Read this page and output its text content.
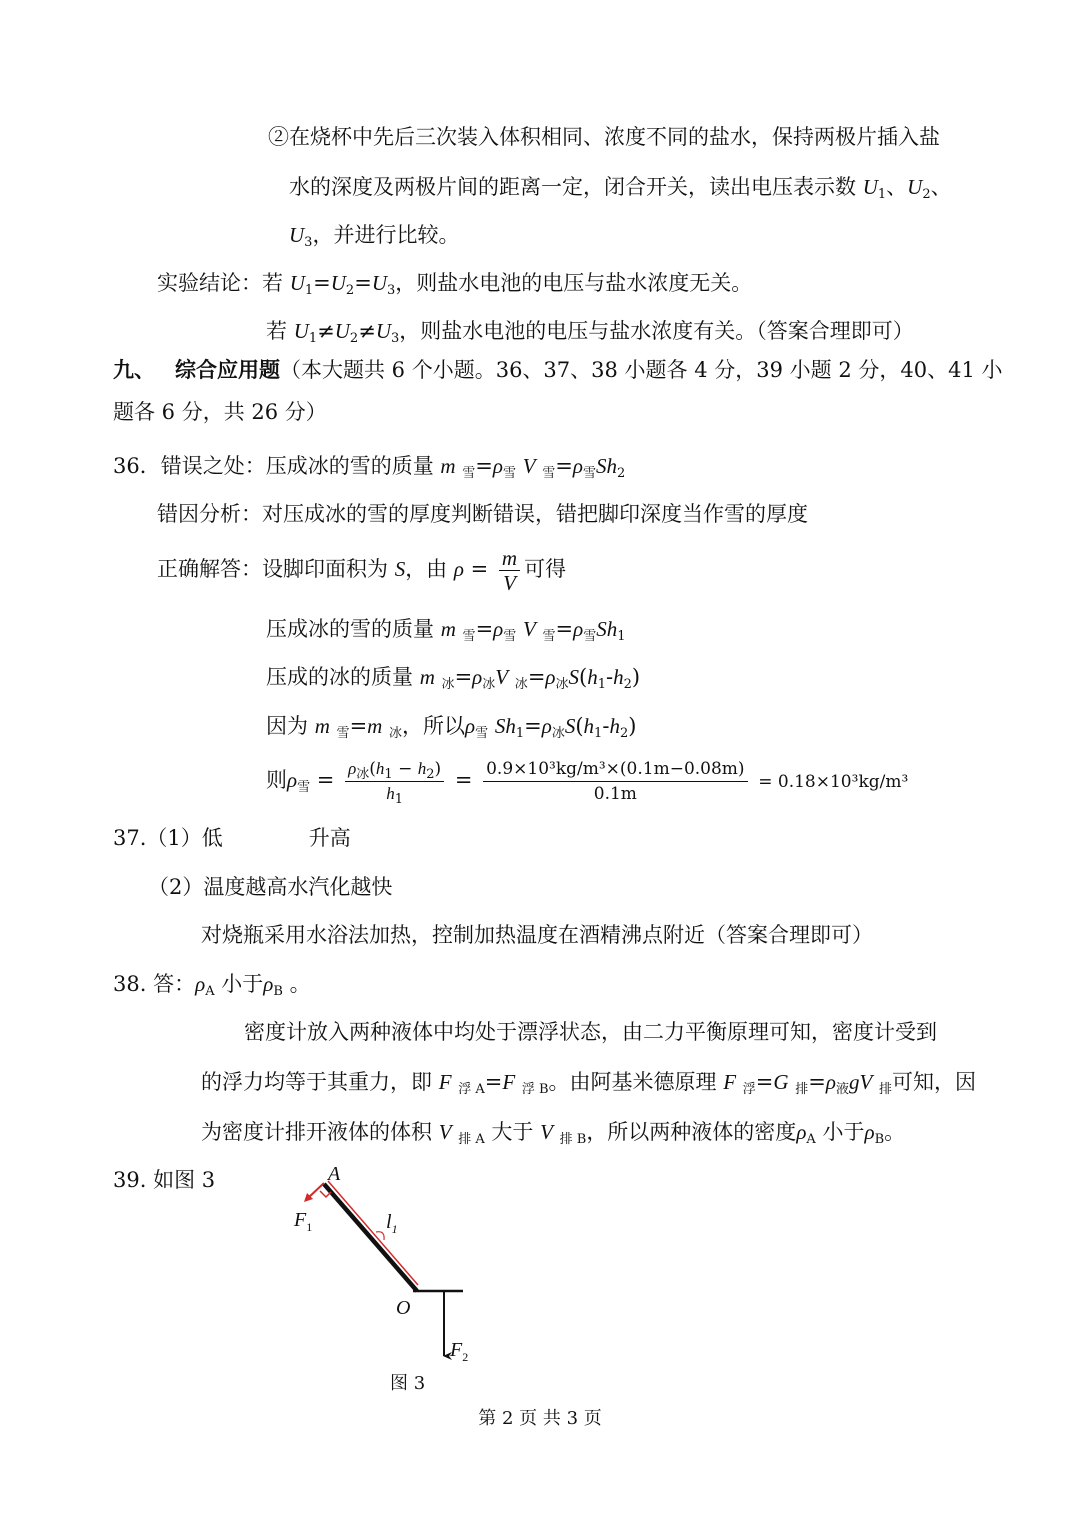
②在烧杯中先后三次装入体积相同、浓度不同的盐水，保持两极片插入盐
水的深度及两极片间的距离一定，闭合开关，读出电压表示数 $U_1$、$U_2$、
$U_3$，并进行比较。
实验结论：若 $U_1=U_2=U_3$，则盐水电池的电压与盐水浓度无关。
若 $U_1\ne U_2\ne U_3$，则盐水电池的电压与盐水浓度有关。（答案合理即可）
九、 综合应用题（本大题共 6 个小题。36、37、38 小题各 4 分，39 小题 2 分，40、41 小
题各 6 分，共 26 分）
36．错误之处：压成冰的雪的质量 m $_雪=\rho_雪$ V $_雪=\rho_雪Sh_2$
错因分析：对压成冰的雪的厚度判断错误，错把脚印深度当作雪的厚度
正确解答：设脚印面积为 S，由 $\rho = \frac{m}{V}$ 可得
压成冰的雪的质量 m $_雪=\rho_雪$ V $_雪=\rho_雪Sh_1$
压成的冰的质量 m $_冰=\rho_冰V$ $_冰=\rho_冰S(h_1-h_2)$
因为 m $_雪$=m $_冰$，所以$\rho_雪$ $Sh_1=\rho_冰S(h_1-h_2)$
则$\rho_雪 = \frac{\rho_冰(h_1 - h_2)}{h_1} = \frac{\text{0.9×10³kg/m³×(0.1m−0.08m)}}{0.1m} = 0.18\times 10^3kg/m^3$
37.（1）低	升高
（2）温度越高水汽化越快
对烧瓶采用水浴法加热，控制加热温度在酒精沸点附近（答案合理即可）
38. 答：$\rho_A$ 小于$\rho_B$ 。
密度计放入两种液体中均处于漂浮状态，由二力平衡原理可知，密度计受到
的浮力均等于其重力，即 F $_{浮 A}$=F $_{浮 B}$。由阿基米德原理 F $_浮$=G $_排=\rho_液gV$ $_排$可知，因
为密度计排开液体的体积 V $_{排 A}$ 大于 V $_{排 B}$，所以两种液体的密度$\rho_A$ 小于$\rho_B$。
39. 如图 3	A
O
$l_1$
$F_1$
$F_2$
图 3
第 2 页 共 3 页
